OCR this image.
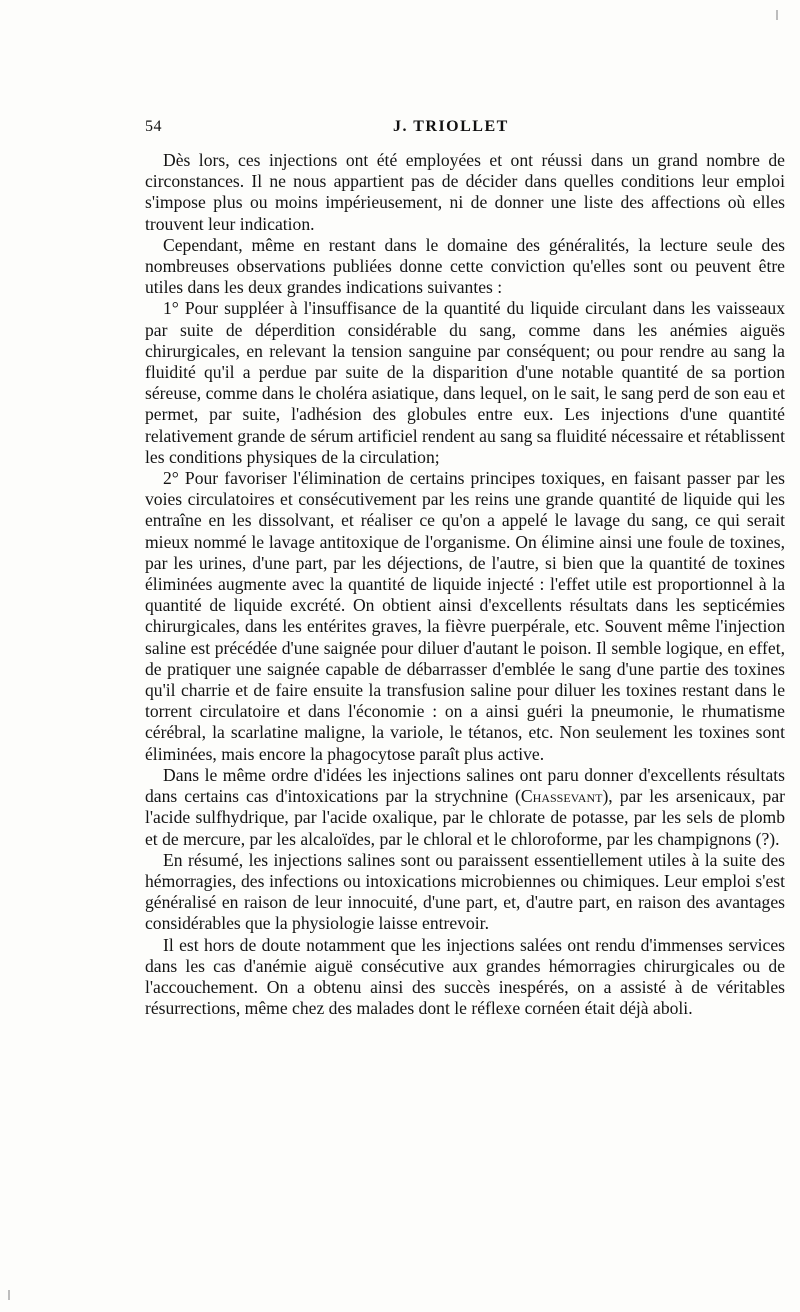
54	J. TRIOLLET

Dès lors, ces injections ont été employées et ont réussi dans un grand nombre de circonstances. Il ne nous appartient pas de décider dans quelles conditions leur emploi s'impose plus ou moins impérieusement, ni de donner une liste des affections où elles trouvent leur indication.

Cependant, même en restant dans le domaine des généralités, la lecture seule des nombreuses observations publiées donne cette conviction qu'elles sont ou peuvent être utiles dans les deux grandes indications suivantes :

1° Pour suppléer à l'insuffisance de la quantité du liquide circulant dans les vaisseaux par suite de déperdition considérable du sang, comme dans les anémies aiguës chirurgicales, en relevant la tension sanguine par conséquent; ou pour rendre au sang la fluidité qu'il a perdue par suite de la disparition d'une notable quantité de sa portion séreuse, comme dans le choléra asiatique, dans lequel, on le sait, le sang perd de son eau et permet, par suite, l'adhésion des globules entre eux. Les injections d'une quantité relativement grande de sérum artificiel rendent au sang sa fluidité nécessaire et rétablissent les conditions physiques de la circulation;

2° Pour favoriser l'élimination de certains principes toxiques, en faisant passer par les voies circulatoires et consécutivement par les reins une grande quantité de liquide qui les entraîne en les dissolvant, et réaliser ce qu'on a appelé le lavage du sang, ce qui serait mieux nommé le lavage antitoxique de l'organisme. On élimine ainsi une foule de toxines, par les urines, d'une part, par les déjections, de l'autre, si bien que la quantité de toxines éliminées augmente avec la quantité de liquide injecté : l'effet utile est proportionnel à la quantité de liquide excrété. On obtient ainsi d'excellents résultats dans les septicémies chirurgicales, dans les entérites graves, la fièvre puerpérale, etc. Souvent même l'injection saline est précédée d'une saignée pour diluer d'autant le poison. Il semble logique, en effet, de pratiquer une saignée capable de débarrasser d'emblée le sang d'une partie des toxines qu'il charrie et de faire ensuite la transfusion saline pour diluer les toxines restant dans le torrent circulatoire et dans l'économie : on a ainsi guéri la pneumonie, le rhumatisme cérébral, la scarlatine maligne, la variole, le tétanos, etc. Non seulement les toxines sont éliminées, mais encore la phagocytose paraît plus active.

Dans le même ordre d'idées les injections salines ont paru donner d'excellents résultats dans certains cas d'intoxications par la strychnine (Chassevant), par les arsenicaux, par l'acide sulfhydrique, par l'acide oxalique, par le chlorate de potasse, par les sels de plomb et de mercure, par les alcaloïdes, par le chloral et le chloroforme, par les champignons (?).

En résumé, les injections salines sont ou paraissent essentiellement utiles à la suite des hémorragies, des infections ou intoxications microbiennes ou chimiques. Leur emploi s'est généralisé en raison de leur innocuité, d'une part, et, d'autre part, en raison des avantages considérables que la physiologie laisse entrevoir.

Il est hors de doute notamment que les injections salées ont rendu d'immenses services dans les cas d'anémie aiguë consécutive aux grandes hémorragies chirurgicales ou de l'accouchement. On a obtenu ainsi des succès inespérés, on a assisté à de véritables résurrections, même chez des malades dont le réflexe cornéen était déjà aboli.
